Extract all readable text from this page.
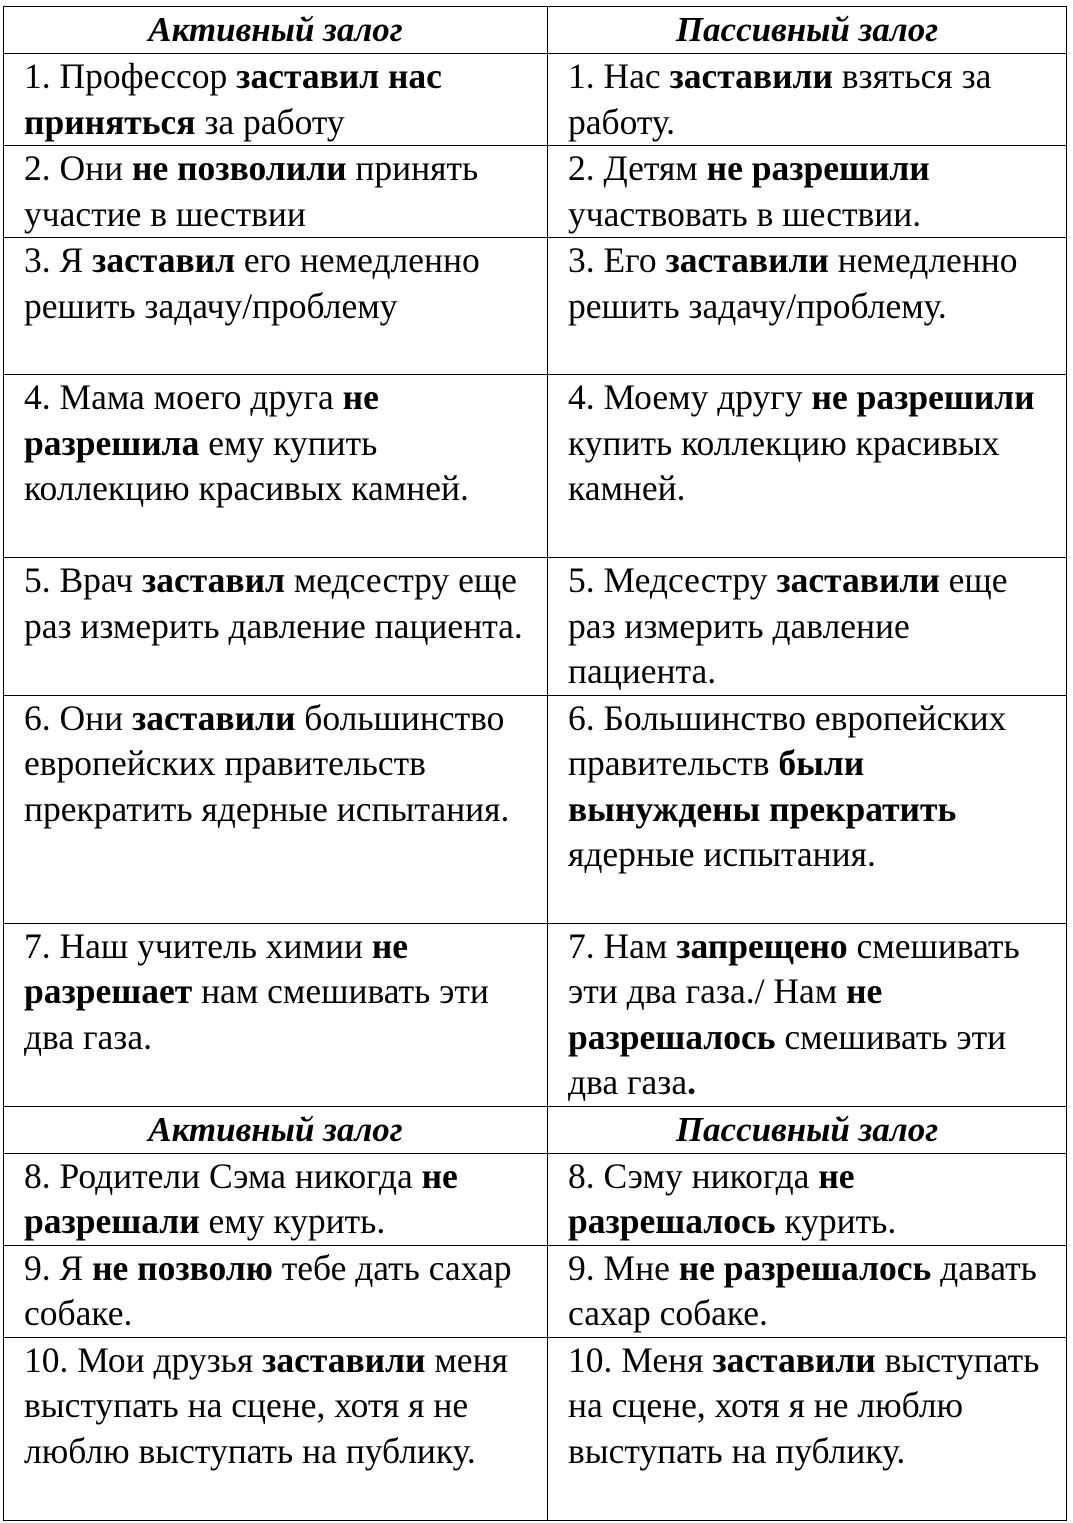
Активный залог	Пассивный залог
1. Профессор заставил нас принятьcя за работу	1. Нас заставили взяться за работу.
2. Они не позволили принять участие в шествии	2. Детям не разрешили участвовать в шествии.
3. Я заставил его немедленно решить задачу/проблему	3. Его заставили немедленно решить задачу/проблему.
4. Мама моего друга не разрешила ему купить коллекцию красивых камней.	4. Моему другу не разрешили купить коллекцию красивых камней.
5. Врач заставил медсестру еще раз измерить давление пациента.	5. Медсестру заставили еще раз измерить давление пациента.
6. Они заставили большинство европейских правительств прекратить ядерные испытания.	6. Большинство европейских правительств были вынуждены прекратить ядерные испытания.
7. Наш учитель химии не разрешает нам смешивать эти два газа.	7. Нам запрещено смешивать эти два газа./ Нам не разрешалось смешивать эти два газа.
Активный залог	Пассивный залог
8. Родители Сэма никогда не разрешали ему курить.	8. Сэму никогда не разрешалось курить.
9. Я не позволю тебе дать сахар собаке.	9. Мне не разрешалось давать сахар собаке.
10. Мои друзья заставили меня выступать на сцене, хотя я не люблю выступать на публику.	10. Меня заставили выступать на сцене, хотя я не люблю выступать на публику.
